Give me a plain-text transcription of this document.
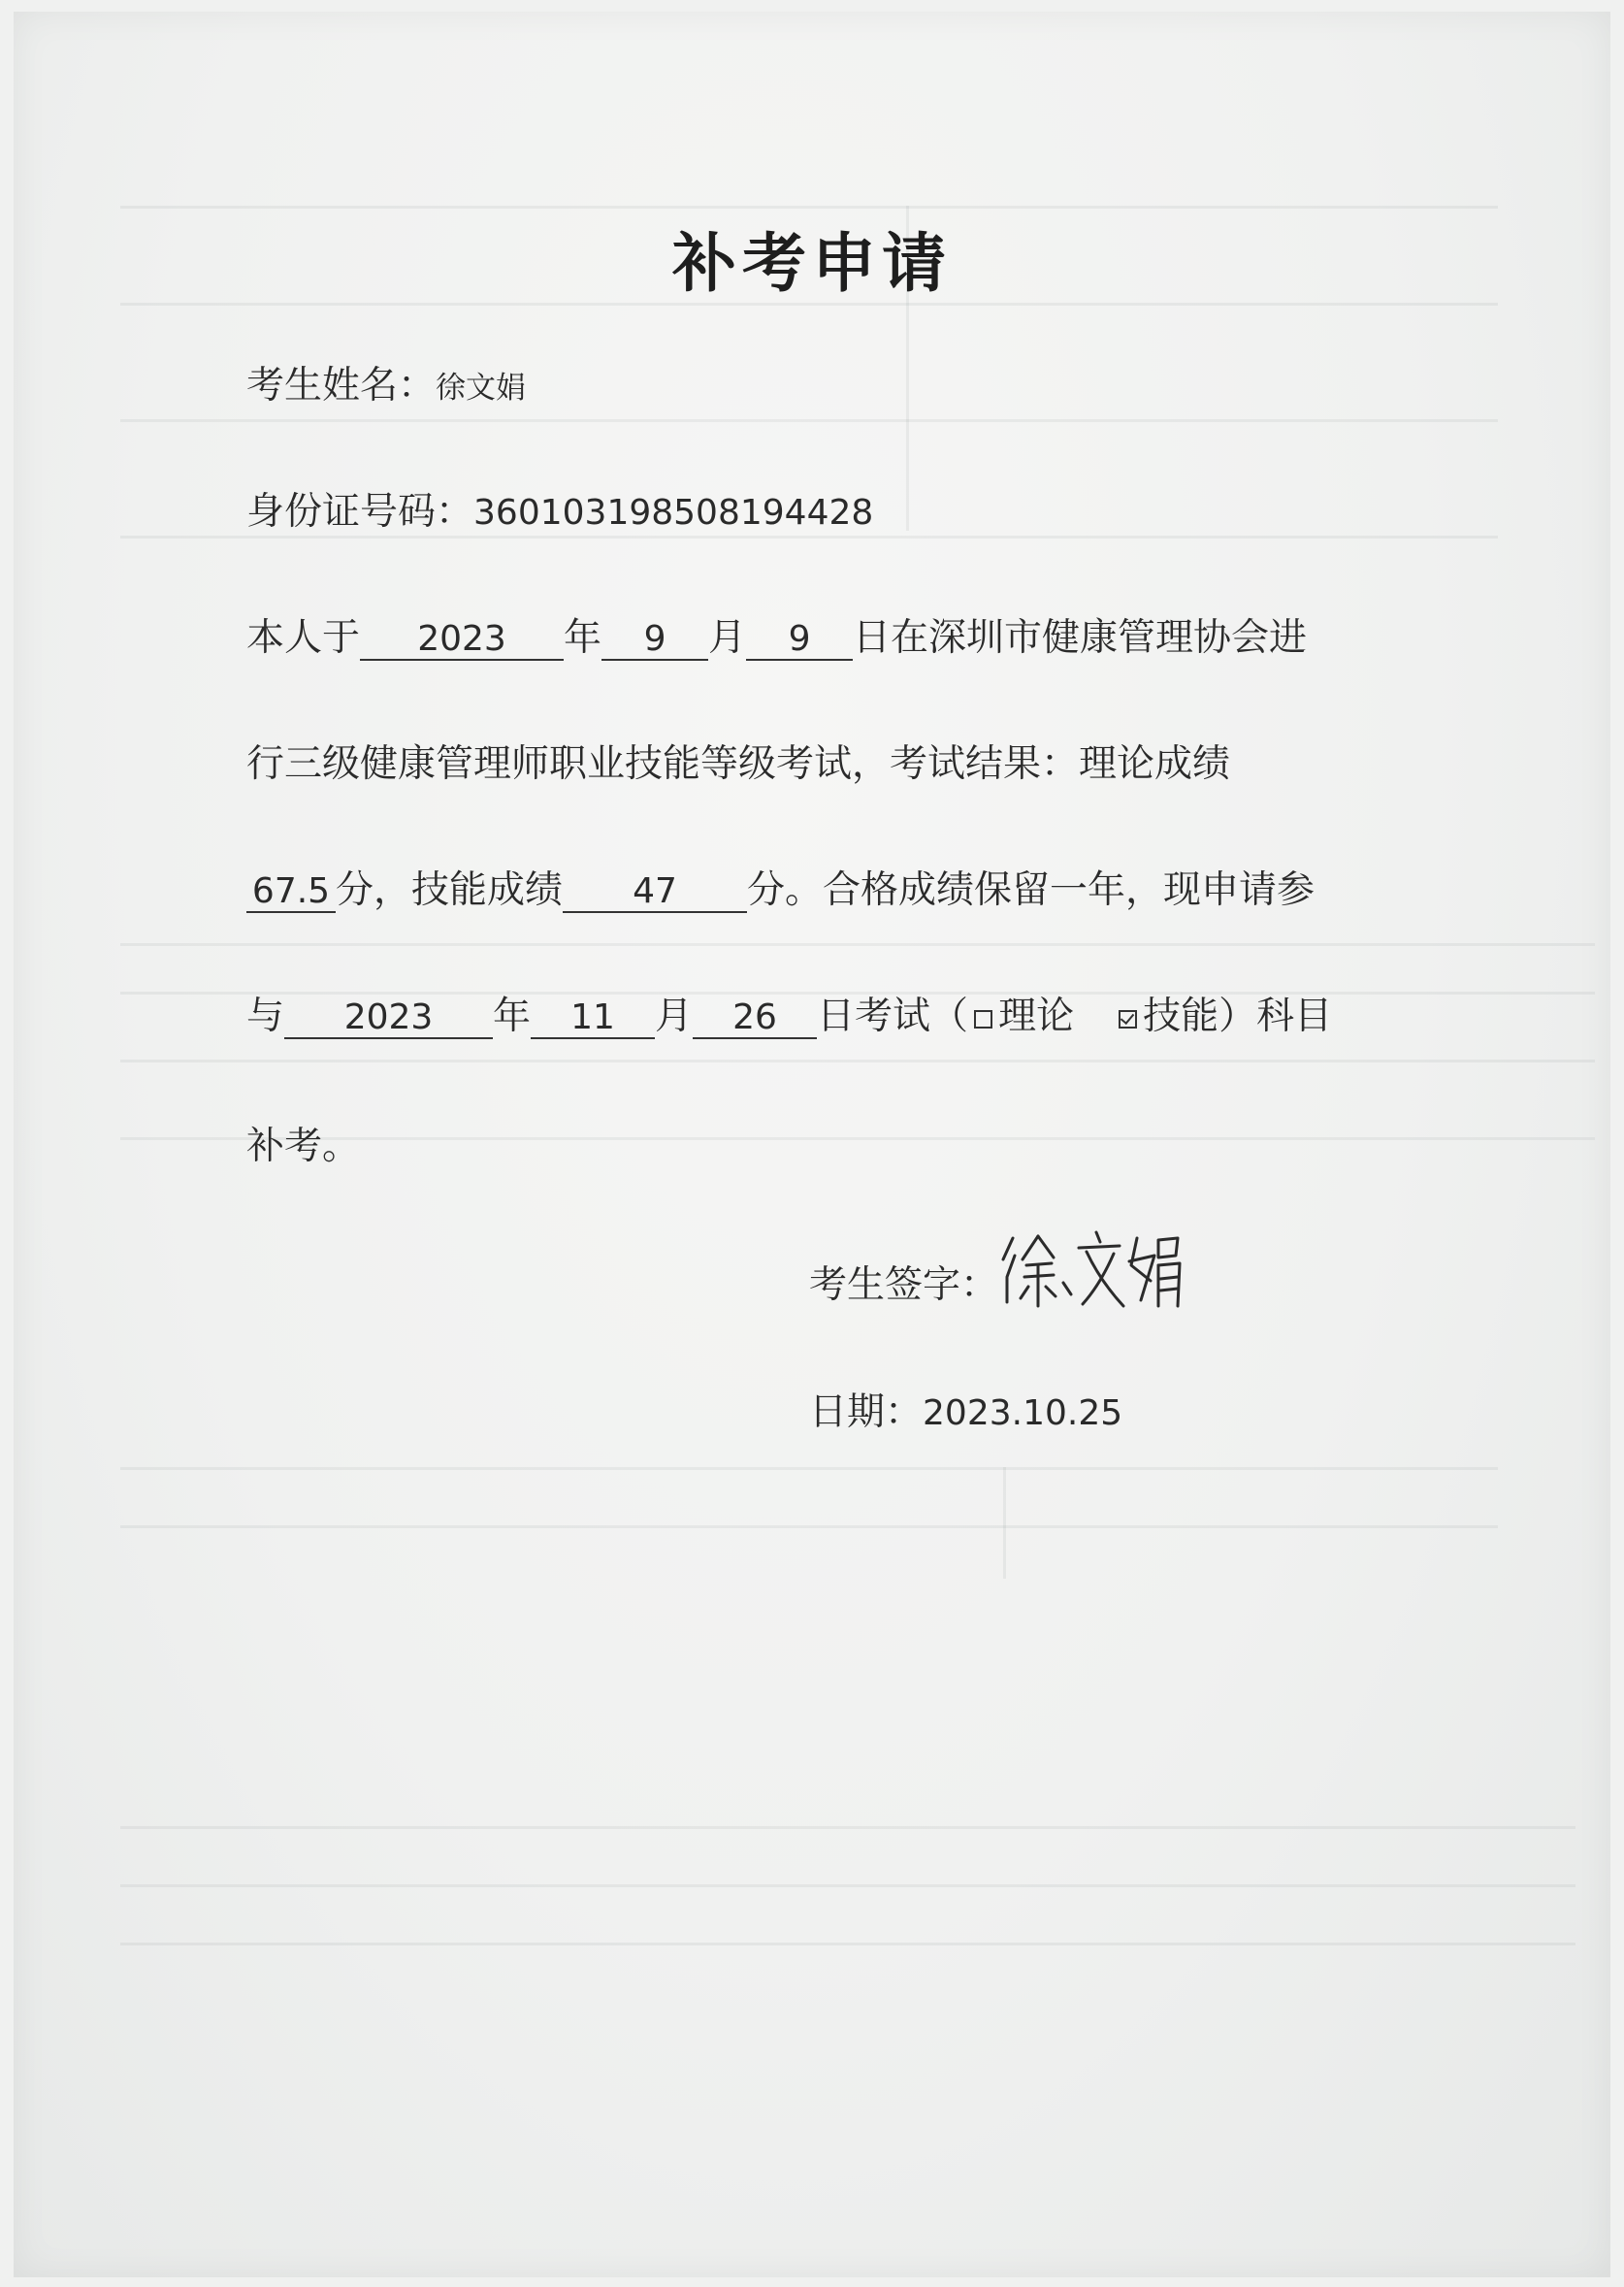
补考申请
考生姓名：徐文娟
身份证号码：360103198508194428
本人于 2023 年 9 月 9 日在深圳市健康管理协会进
行三级健康管理师职业技能等级考试，考试结果：理论成绩
67.5 分，技能成绩 47 分。合格成绩保留一年，现申请参
与 2023 年 11 月 26 日考试（ 理论 技能）科目
补考。
考生签字：
日期：2023.10.25
